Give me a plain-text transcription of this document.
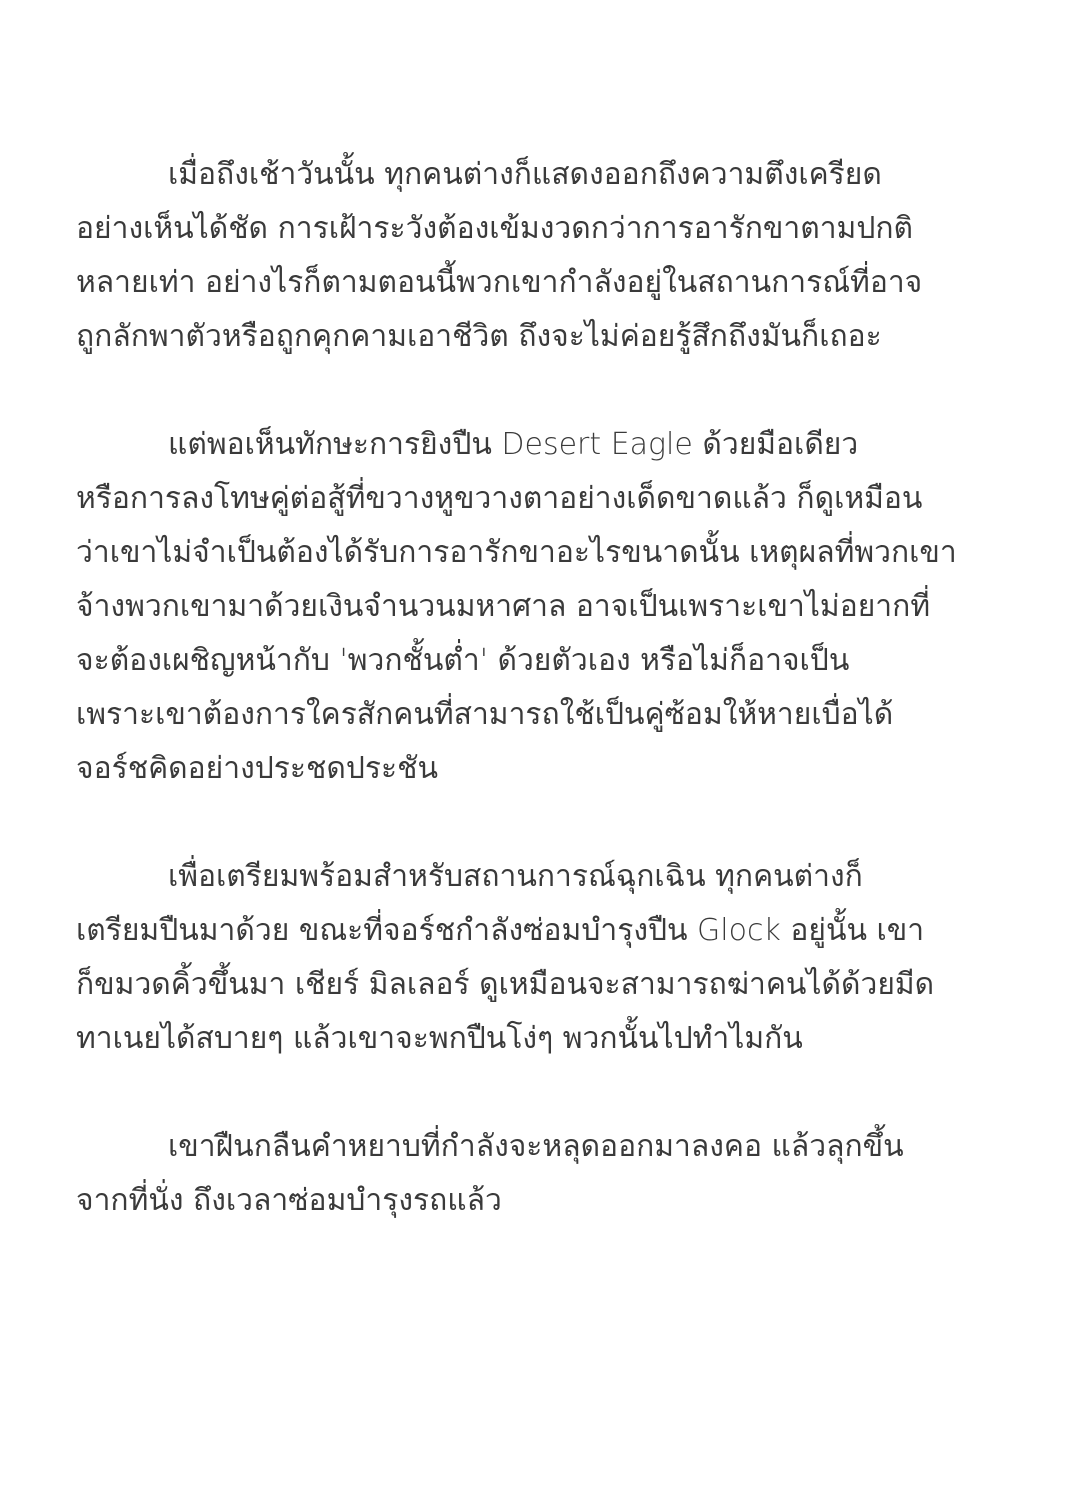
เมื่อถึงเช้าวันนั้น ทุกคนต่างก็แสดงออกถึงความตึงเครียด
อย่างเห็นได้ชัด การเฝ้าระวังต้องเข้มงวดกว่าการอารักขาตามปกติ
หลายเท่า อย่างไรก็ตามตอนนี้พวกเขากำลังอยู่ในสถานการณ์ที่อาจ
ถูกลักพาตัวหรือถูกคุกคามเอาชีวิต ถึงจะไม่ค่อยรู้สึกถึงมันก็เถอะ

แต่พอเห็นทักษะการยิงปืน Desert Eagle ด้วยมือเดียว
หรือการลงโทษคู่ต่อสู้ที่ขวางหูขวางตาอย่างเด็ดขาดแล้ว ก็ดูเหมือน
ว่าเขาไม่จำเป็นต้องได้รับการอารักขาอะไรขนาดนั้น เหตุผลที่พวกเขา
จ้างพวกเขามาด้วยเงินจำนวนมหาศาล อาจเป็นเพราะเขาไม่อยากที่
จะต้องเผชิญหน้ากับ 'พวกชั้นต่ำ' ด้วยตัวเอง หรือไม่ก็อาจเป็น
เพราะเขาต้องการใครสักคนที่สามารถใช้เป็นคู่ซ้อมให้หายเบื่อได้
จอร์ชคิดอย่างประชดประชัน

เพื่อเตรียมพร้อมสำหรับสถานการณ์ฉุกเฉิน ทุกคนต่างก็
เตรียมปืนมาด้วย ขณะที่จอร์ชกำลังซ่อมบำรุงปืน Glock อยู่นั้น เขา
ก็ขมวดคิ้วขึ้นมา เชียร์ มิลเลอร์ ดูเหมือนจะสามารถฆ่าคนได้ด้วยมีด
ทาเนยได้สบายๆ แล้วเขาจะพกปืนโง่ๆ พวกนั้นไปทำไมกัน

เขาฝืนกลืนคำหยาบที่กำลังจะหลุดออกมาลงคอ แล้วลุกขึ้น
จากที่นั่ง ถึงเวลาซ่อมบำรุงรถแล้ว
